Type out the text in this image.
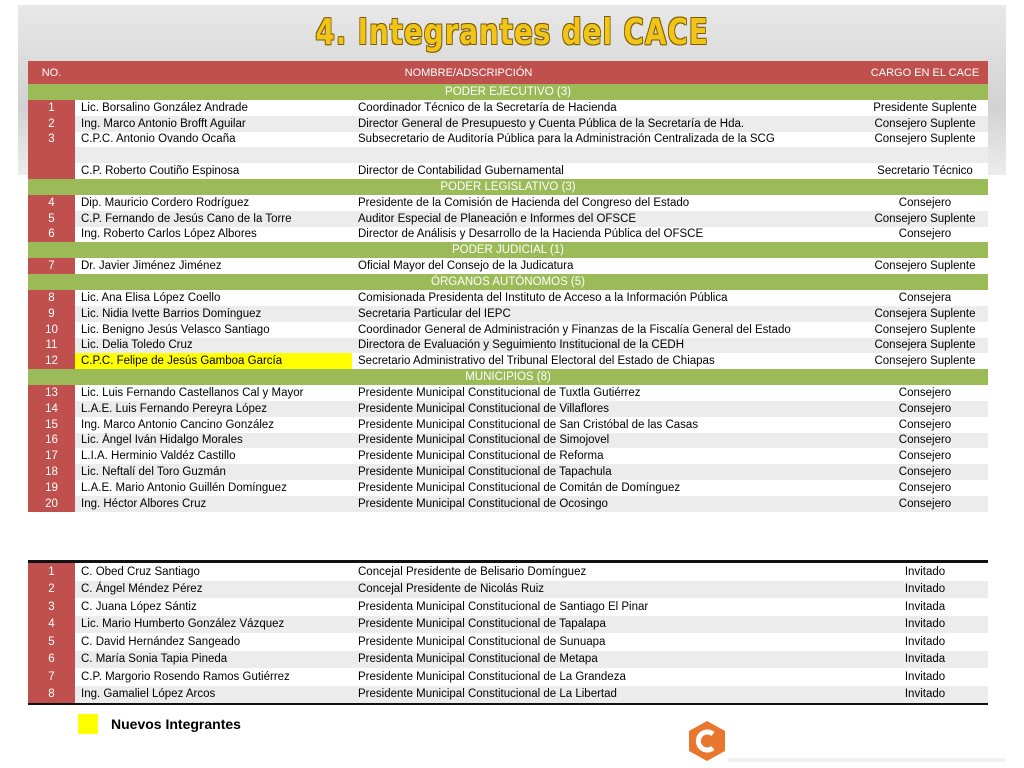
4. Integrantes del CACE
NO.	NOMBRE/ADSCRIPCIÓN		CARGO EN EL CACE
PODER EJECUTIVO (3)			
1	Lic. Borsalino González Andrade	Coordinador Técnico de la Secretaría de Hacienda	Presidente Suplente
2	Ing. Marco Antonio Brofft Aguilar	Director General de Presupuesto y Cuenta Pública de la Secretaría de Hda.	Consejero Suplente
3	C.P.C. Antonio Ovando Ocaña	Subsecretario de Auditoría Pública para la Administración Centralizada de la SCG	Consejero Suplente

	C.P. Roberto Coutiño Espinosa	Director de Contabilidad Gubernamental	Secretario Técnico
PODER LEGISLATIVO (3)			
4	Dip. Mauricio Cordero Rodríguez	Presidente de la Comisión de Hacienda del Congreso del Estado	Consejero
5	C.P. Fernando de Jesús Cano de la Torre	Auditor Especial de Planeación e Informes del OFSCE	Consejero Suplente
6	Ing. Roberto Carlos López Albores	Director de Análisis y Desarrollo de la Hacienda Pública del OFSCE	Consejero
PODER JUDICIAL (1)			
7	Dr. Javier Jiménez Jiménez	Oficial Mayor del Consejo de la Judicatura	Consejero Suplente
ÓRGANOS AUTÓNOMOS (5)			
8	Lic. Ana Elisa López Coello	Comisionada Presidenta del Instituto de Acceso a la Información Pública	Consejera
9	Lic. Nidia Ivette Barrios Domínguez	Secretaria Particular del IEPC	Consejera Suplente
10	Lic. Benigno Jesús Velasco Santiago	Coordinador General de Administración y Finanzas de la Fiscalía General del Estado	Consejero Suplente
11	Lic. Delia Toledo Cruz	Directora de Evaluación y Seguimiento Institucional de la CEDH	Consejera Suplente
12	C.P.C. Felipe de Jesús Gamboa García	Secretario Administrativo del Tribunal Electoral del Estado de Chiapas	Consejero Suplente
MUNICIPIOS (8)			
13	Lic. Luis Fernando Castellanos Cal y Mayor	Presidente Municipal Constitucional de Tuxtla Gutiérrez	Consejero
14	L.A.E. Luis Fernando Pereyra López	Presidente Municipal Constitucional de Villaflores	Consejero
15	Ing. Marco Antonio Cancino González	Presidente Municipal Constitucional de San Cristóbal de las Casas	Consejero
16	Lic. Ángel Iván Hidalgo Morales	Presidente Municipal Constitucional de Simojovel	Consejero
17	L.I.A. Herminio Valdéz Castillo	Presidente Municipal Constitucional de Reforma	Consejero
18	Lic. Neftalí del Toro Guzmán	Presidente Municipal Constitucional de Tapachula	Consejero
19	L.A.E. Mario Antonio Guillén Domínguez	Presidente Municipal Constitucional de Comitán de Domínguez	Consejero
20	Ing. Héctor Albores Cruz	Presidente Municipal Constitucional de Ocosingo	Consejero
1	C. Obed Cruz Santiago	Concejal Presidente de Belisario Domínguez	Invitado
2	C. Ángel Méndez Pérez	Concejal Presidente de Nicolás Ruiz	Invitado
3	C. Juana López Sántiz	Presidenta Municipal Constitucional de Santiago El Pinar	Invitada
4	Lic. Mario Humberto González Vázquez	Presidente Municipal Constitucional de Tapalapa	Invitado
5	C. David Hernández Sangeado	Presidente Municipal Constitucional de Sunuapa	Invitado
6	C. María Sonia Tapia Pineda	Presidenta Municipal Constitucional de Metapa	Invitada
7	C.P. Margorio Rosendo Ramos Gutiérrez	Presidente Municipal Constitucional de La Grandeza	Invitado
8	Ing. Gamaliel López Arcos	Presidente Municipal Constitucional de La Libertad	Invitado
Nuevos Integrantes
